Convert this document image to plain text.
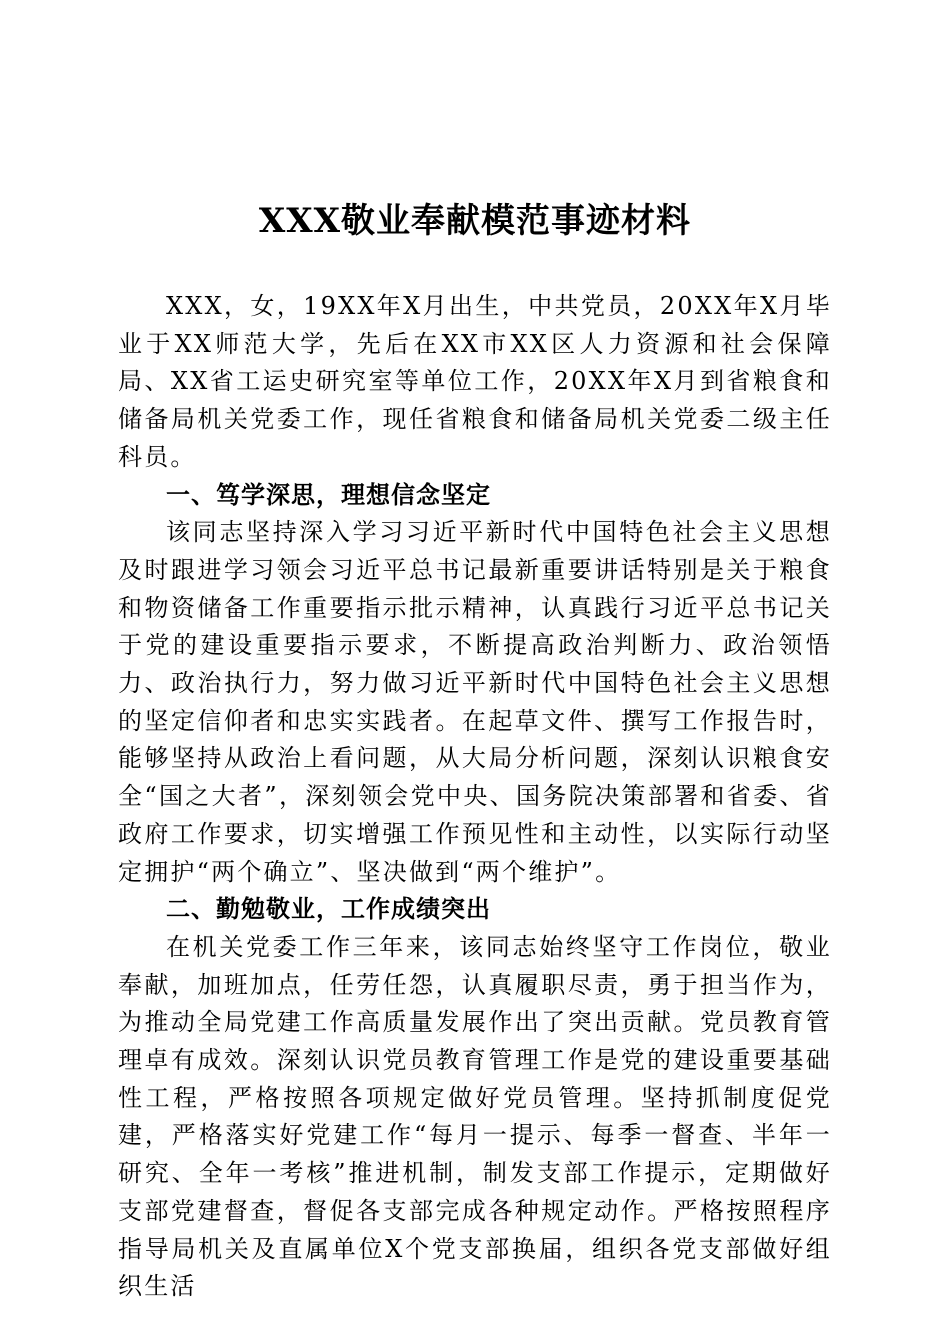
XXX敬业奉献模范事迹材料

XXX，女，19XX年X月出生，中共党员，20XX年X月毕业于XX师范大学，先后在XX市XX区人力资源和社会保障局、XX省工运史研究室等单位工作，20XX年X月到省粮食和储备局机关党委工作，现任省粮食和储备局机关党委二级主任科员。

一、笃学深思，理想信念坚定

该同志坚持深入学习习近平新时代中国特色社会主义思想及时跟进学习领会习近平总书记最新重要讲话特别是关于粮食和物资储备工作重要指示批示精神，认真践行习近平总书记关于党的建设重要指示要求，不断提高政治判断力、政治领悟力、政治执行力，努力做习近平新时代中国特色社会主义思想的坚定信仰者和忠实实践者。在起草文件、撰写工作报告时，能够坚持从政治上看问题，从大局分析问题，深刻认识粮食安全“国之大者”，深刻领会党中央、国务院决策部署和省委、省政府工作要求，切实增强工作预见性和主动性，以实际行动坚定拥护“两个确立”、坚决做到“两个维护”。

二、勤勉敬业，工作成绩突出

在机关党委工作三年来，该同志始终坚守工作岗位，敬业奉献，加班加点，任劳任怨，认真履职尽责，勇于担当作为，为推动全局党建工作高质量发展作出了突出贡献。党员教育管理卓有成效。深刻认识党员教育管理工作是党的建设重要基础性工程，严格按照各项规定做好党员管理。坚持抓制度促党建，严格落实好党建工作“每月一提示、每季一督查、半年一研究、全年一考核”推进机制，制发支部工作提示，定期做好支部党建督查，督促各支部完成各种规定动作。严格按照程序指导局机关及直属单位X个党支部换届，组织各党支部做好组织生活
